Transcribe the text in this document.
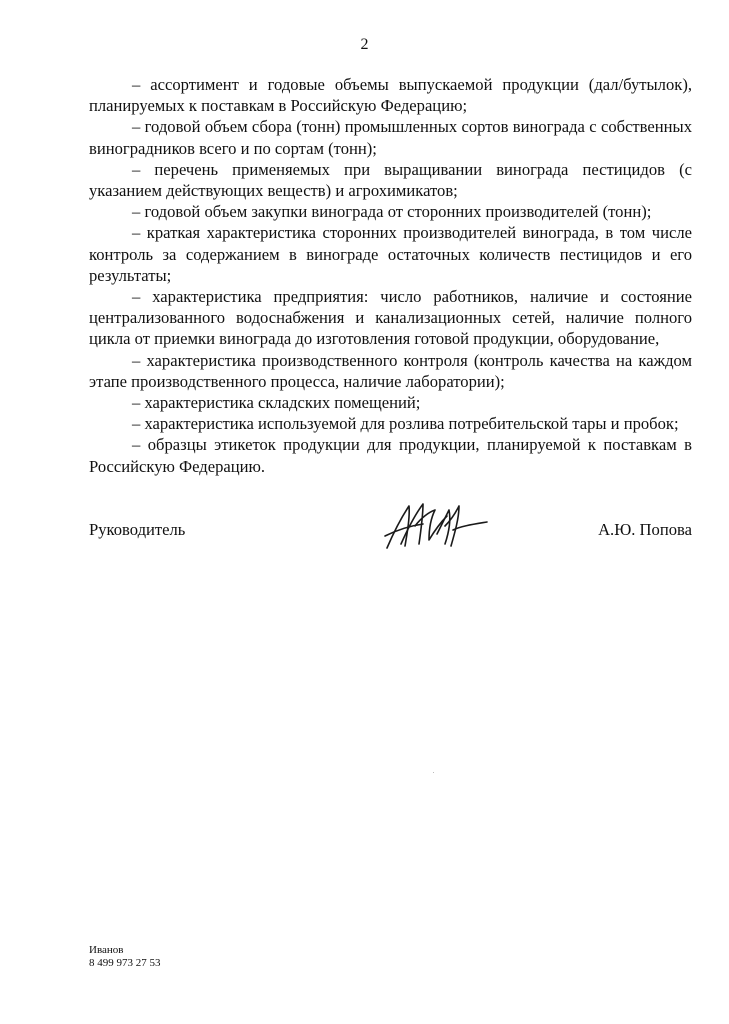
2

– ассортимент и годовые объемы выпускаемой продукции (дал/бутылок), планируемых к поставкам в Российскую Федерацию;

– годовой объем сбора (тонн) промышленных сортов винограда с собственных виноградников всего и по сортам (тонн);

– перечень применяемых при выращивании винограда пестицидов (с указанием действующих веществ) и агрохимикатов;

– годовой объем закупки винограда от сторонних производителей (тонн);

– краткая характеристика сторонних производителей винограда, в том числе контроль за содержанием в винограде остаточных количеств пестицидов и его результаты;

– характеристика предприятия: число работников, наличие и состояние централизованного водоснабжения и канализационных сетей, наличие полного цикла от приемки винограда до изготовления готовой продукции, оборудование,

– характеристика производственного контроля (контроль качества на каждом этапе производственного процесса, наличие лаборатории);

– характеристика складских помещений;

– характеристика используемой для розлива потребительской тары и пробок;

– образцы этикеток продукции для продукции, планируемой к поставкам в Российскую Федерацию.

Руководитель	А.Ю. Попова
Иванов
8 499 973 27 53
